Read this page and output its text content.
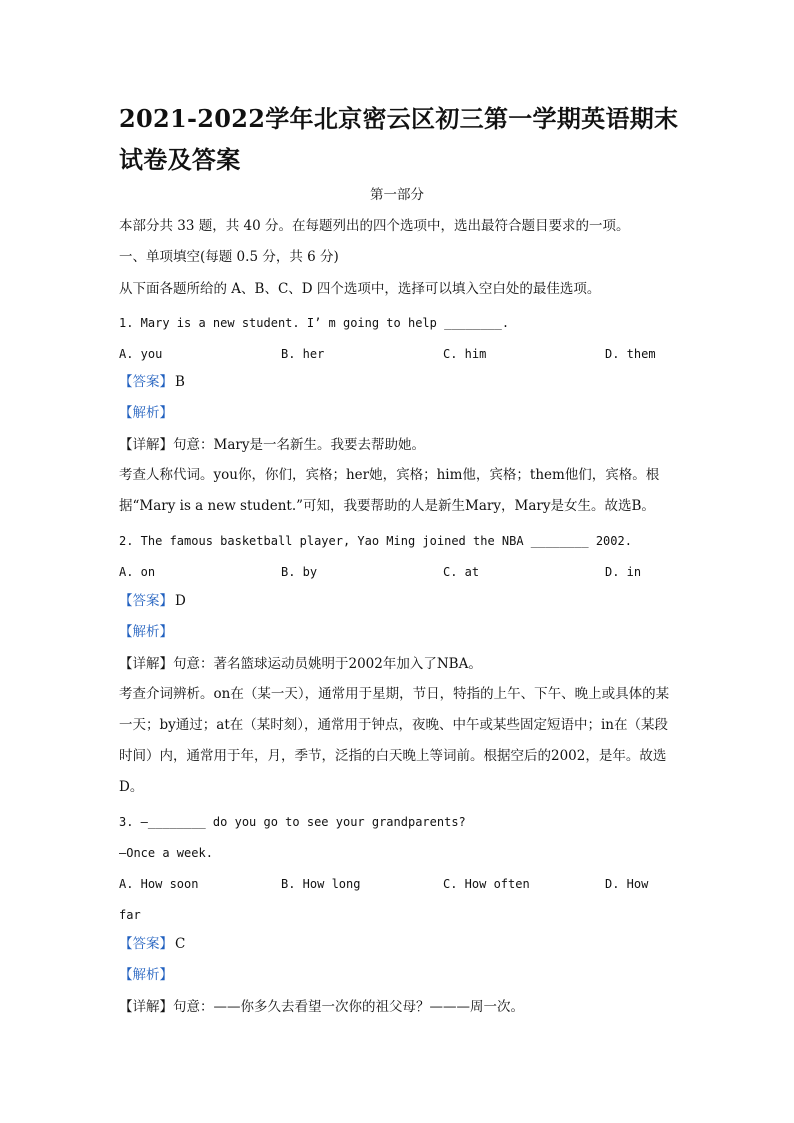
2021-2022学年北京密云区初三第一学期英语期末试卷及答案
第一部分
本部分共 33 题，共 40 分。在每题列出的四个选项中，选出最符合题目要求的一项。
一、单项填空(每题 0.5 分，共 6 分)
从下面各题所给的 A、B、C、D 四个选项中，选择可以填入空白处的最佳选项。
1. Mary is a new student. I’ m going to help ________.
A. you	B. her	C. him	D. them
【答案】 B
【解析】
【详解】句意：Mary是一名新生。我要去帮助她。
考查人称代词。you你，你们，宾格；her她，宾格；him他，宾格；them他们，宾格。根据“Mary is a new student.”可知，我要帮助的人是新生Mary，Mary是女生。故选B。
2. The famous basketball player, Yao Ming joined the NBA ________ 2002.
A. on	B. by	C. at	D. in
【答案】 D
【解析】
【详解】句意：著名篮球运动员姚明于2002年加入了NBA。
考查介词辨析。on在（某一天），通常用于星期，节日，特指的上午、下午、晚上或具体的某一天；by通过；at在（某时刻），通常用于钟点，夜晚、中午或某些固定短语中；in在（某段时间）内，通常用于年，月，季节，泛指的白天晚上等词前。根据空后的2002，是年。故选D。
3. —________ do you go to see your grandparents?
—Once a week.
A. How soon	B. How long	C. How often	D. How
far
【答案】 C
【解析】
【详解】句意：——你多久去看望一次你的祖父母？———周一次。
